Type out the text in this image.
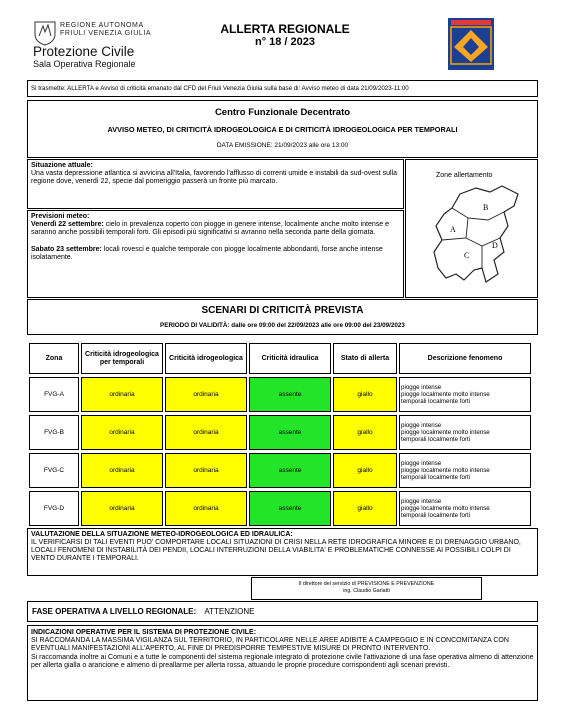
REGIONE AUTONOMA
FRIULI VENEZIA GIULIA
Protezione Civile
Sala Operativa Regionale
ALLERTA REGIONALE
n° 18 / 2023
Si trasmette: ALLERTA e Avviso di criticità emanato dal CFD del Friuli Venezia Giulia sulla base di: Avviso meteo di data 21/09/2023-11:00
Centro Funzionale Decentrato
AVVISO METEO, DI CRITICITÀ IDROGEOLOGICA E DI CRITICITÀ IDROGEOLOGICA PER TEMPORALI
DATA EMISSIONE: 21/09/2023 alle ore 13:00
Situazione attuale:
Una vasta depressione atlantica si avvicina all'Italia, favorendo l'afflusso di correnti umide e instabili da sud-ovest sulla regione dove, venerdì 22, specie dal pomeriggio passerà un fronte più marcato.
Previsioni meteo:
Venerdì 22 settembre: cielo in prevalenza coperto con piogge in genere intense, localmente anche molto intense e saranno anche possibili temporali forti. Gli episodi più significativi si avranno nella seconda parte della giornata.
Sabato 23 settembre: locali rovesci e qualche temporale con piogge localmente abbondanti, forse anche intense isolatamente.
Zone allertamento
A
B
C
D
SCENARI DI CRITICITÀ PREVISTA
PERIODO DI VALIDITÀ: dalle ore 09:00 del 22/09/2023 alle ore 09:00 del 23/09/2023
Zona	Criticità idrogeologica per temporali	Criticità idrogeologica	Criticità idraulica	Stato di allerta	Descrizione fenomeno
FVG-A	ordinaria	ordinaria	assente	giallo	piogge intense
piogge localmente molto intense
temporali localmente forti

FVG-B	ordinaria	ordinaria	assente	giallo	piogge intense
piogge localmente molto intense
temporali localmente forti

FVG-C	ordinaria	ordinaria	assente	giallo	piogge intense
piogge localmente molto intense
temporali localmente forti

FVG-D	ordinaria	ordinaria	assente	giallo	piogge intense
piogge localmente molto intense
temporali localmente forti
VALUTAZIONE DELLA SITUAZIONE METEO-IDROGEOLOGICA ED IDRAULICA:
IL VERIFICARSI DI TALI EVENTI PUO' COMPORTARE LOCALI SITUAZIONI DI CRISI NELLA RETE IDROGRAFICA MINORE E DI DRENAGGIO URBANO, LOCALI FENOMENI DI INSTABILITÀ DEI PENDII, LOCALI INTERRUZIONI DELLA VIABILITA' E PROBLEMATICHE CONNESSE AI POSSIBILI COLPI DI VENTO DURANTE I TEMPORALI.
Il direttore del servizio di PREVISIONE E PREVENZIONE
ing. Claudio Garlatti
FASE OPERATIVA A LIVELLO REGIONALE: ATTENZIONE
INDICAZIONI OPERATIVE PER IL SISTEMA DI PROTEZIONE CIVILE:
SI RACCOMANDA LA MASSIMA VIGILANZA SUL TERRITORIO, IN PARTICOLARE NELLE AREE ADIBITE A CAMPEGGIO E IN CONCOMITANZA CON EVENTUALI MANIFESTAZIONI ALL'APERTO, AL FINE DI PREDISPORRE TEMPESTIVE MISURE DI PRONTO INTERVENTO.
Si raccomanda inoltre ai Comuni e a tutte le componenti del sistema regionale integrato di protezione civile l'attivazione di una fase operativa almeno di attenzione per allerta gialla o arancione e almeno di preallarme per allerta rossa, attuando le proprie procedure corrispondenti agli scenari previsti.
